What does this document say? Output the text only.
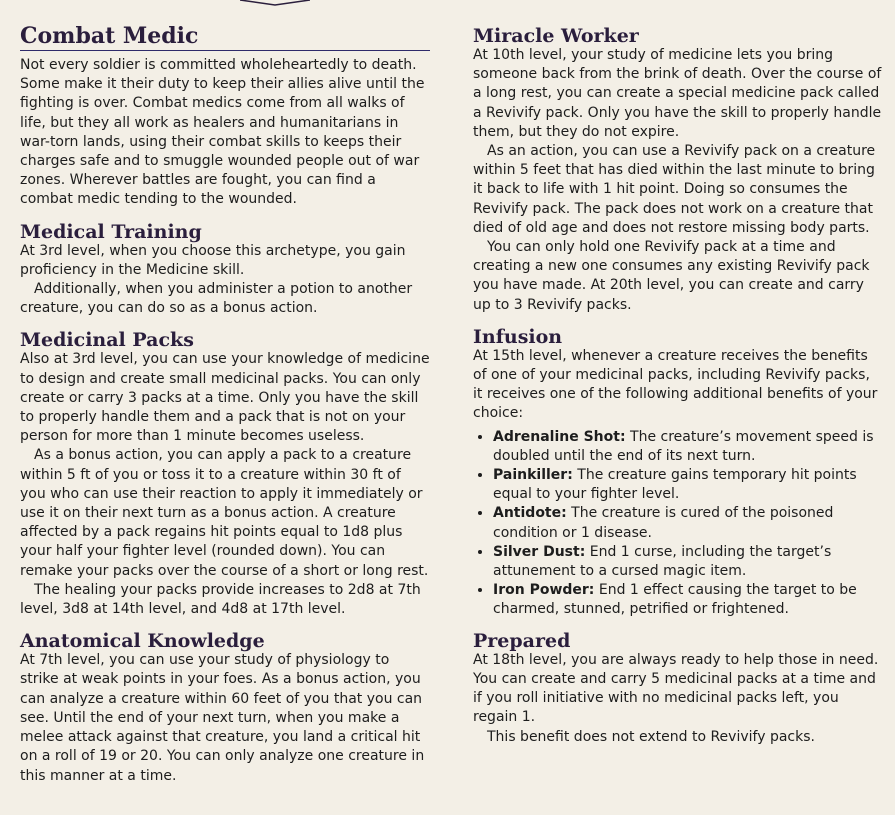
Combat Medic

Not every soldier is committed wholeheartedly to death. Some make it their duty to keep their allies alive until the fighting is over. Combat medics come from all walks of life, but they all work as healers and humanitarians in war-torn lands, using their combat skills to keeps their charges safe and to smuggle wounded people out of war zones. Wherever battles are fought, you can find a combat medic tending to the wounded.

Medical Training

At 3rd level, when you choose this archetype, you gain proficiency in the Medicine skill.

Additionally, when you administer a potion to another creature, you can do so as a bonus action.

Medicinal Packs

Also at 3rd level, you can use your knowledge of medicine to design and create small medicinal packs. You can only create or carry 3 packs at a time. Only you have the skill to properly handle them and a pack that is not on your person for more than 1 minute becomes useless.

As a bonus action, you can apply a pack to a creature within 5 ft of you or toss it to a creature within 30 ft of you who can use their reaction to apply it immediately or use it on their next turn as a bonus action. A creature affected by a pack regains hit points equal to 1d8 plus your half your fighter level (rounded down). You can remake your packs over the course of a short or long rest.

The healing your packs provide increases to 2d8 at 7th level, 3d8 at 14th level, and 4d8 at 17th level.

Anatomical Knowledge

At 7th level, you can use your study of physiology to strike at weak points in your foes. As a bonus action, you can analyze a creature within 60 feet of you that you can see. Until the end of your next turn, when you make a melee attack against that creature, you land a critical hit on a roll of 19 or 20. You can only analyze one creature in this manner at a time.

Miracle Worker

At 10th level, your study of medicine lets you bring someone back from the brink of death. Over the course of a long rest, you can create a special medicine pack called a Revivify pack. Only you have the skill to properly handle them, but they do not expire.

As an action, you can use a Revivify pack on a creature within 5 feet that has died within the last minute to bring it back to life with 1 hit point. Doing so consumes the Revivify pack. The pack does not work on a creature that died of old age and does not restore missing body parts.

You can only hold one Revivify pack at a time and creating a new one consumes any existing Revivify pack you have made. At 20th level, you can create and carry up to 3 Revivify packs.

Infusion

At 15th level, whenever a creature receives the benefits of one of your medicinal packs, including Revivify packs, it receives one of the following additional benefits of your choice:

• Adrenaline Shot: The creature’s movement speed is doubled until the end of its next turn.
• Painkiller: The creature gains temporary hit points equal to your fighter level.
• Antidote: The creature is cured of the poisoned condition or 1 disease.
• Silver Dust: End 1 curse, including the target’s attunement to a cursed magic item.
• Iron Powder: End 1 effect causing the target to be charmed, stunned, petrified or frightened.
Prepared

At 18th level, you are always ready to help those in need. You can create and carry 5 medicinal packs at a time and if you roll initiative with no medicinal packs left, you regain 1.

This benefit does not extend to Revivify packs.
